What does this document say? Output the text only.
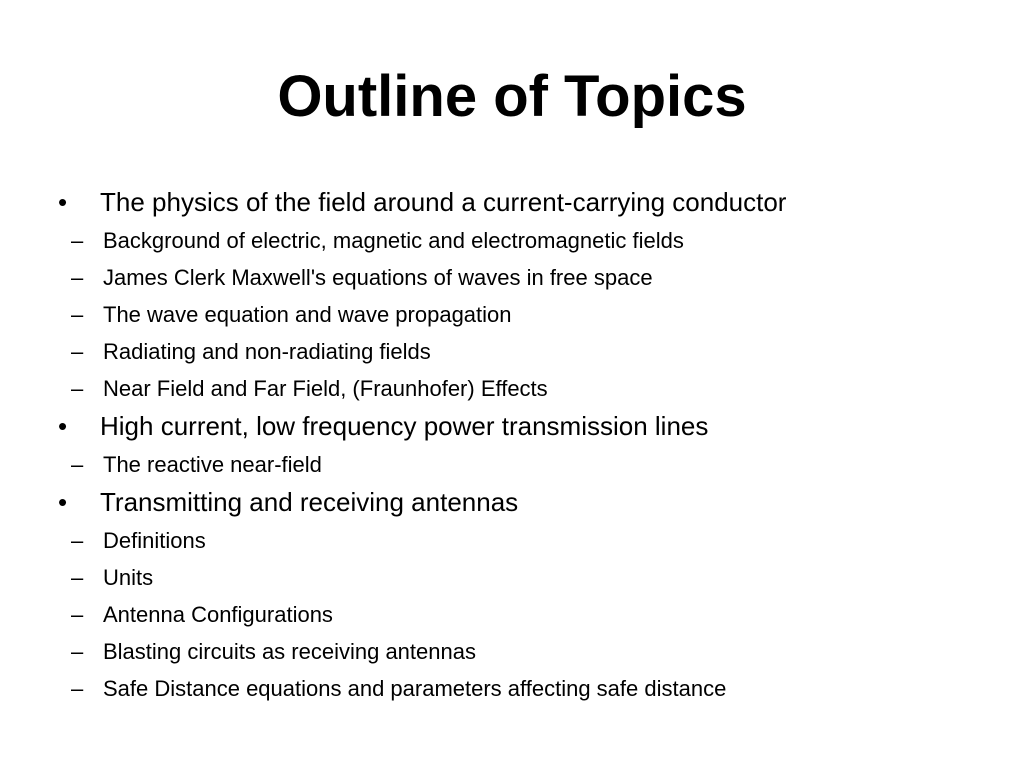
Outline of Topics
•	The physics of the field around a current-carrying conductor
– Background of electric, magnetic and electromagnetic fields
– James Clerk Maxwell's equations of waves in free space
– The wave equation and wave propagation
– Radiating and non-radiating fields
– Near Field and Far Field, (Fraunhofer) Effects
•	High current, low frequency power transmission lines
– The reactive near-field
•	Transmitting and receiving antennas
– Definitions
– Units
– Antenna Configurations
– Blasting circuits as receiving antennas
– Safe Distance equations and parameters affecting safe distance
